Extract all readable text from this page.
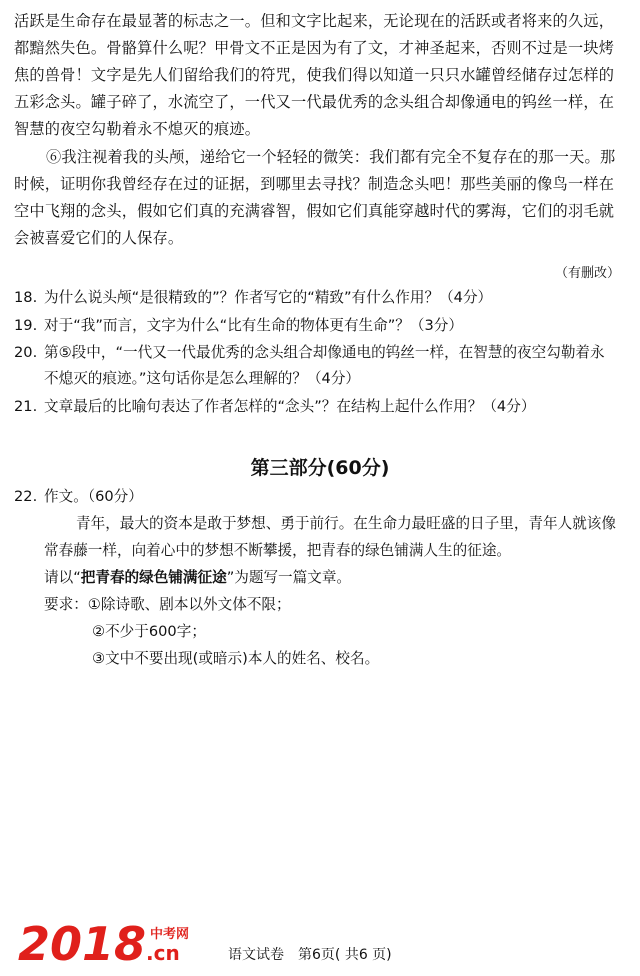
活跃是生命存在最显著的标志之一。但和文字比起来，无论现在的活跃或者将来的久远，都黯然失色。骨骼算什么呢？甲骨文不正是因为有了文，才神圣起来，否则不过是一块烤焦的兽骨！文字是先人们留给我们的符咒，使我们得以知道一只只水罐曾经储存过怎样的五彩念头。罐子碎了，水流空了，一代又一代最优秀的念头组合却像通电的钨丝一样，在智慧的夜空勾勒着永不熄灭的痕迹。
⑥我注视着我的头颅，递给它一个轻轻的微笑：我们都有完全不复存在的那一天。那时候，证明你我曾经存在过的证据，到哪里去寻找？制造念头吧！那些美丽的像鸟一样在空中飞翔的念头，假如它们真的充满睿智，假如它们真能穿越时代的雾海，它们的羽毛就会被喜爱它们的人保存。
（有删改）
18. 为什么说头颅“是很精致的”？作者写它的“精致”有什么作用？（4分）
19. 对于“我”而言，文字为什么“比有生命的物体更有生命”？（3分）
20. 第⑤段中，“一代又一代最优秀的念头组合却像通电的钨丝一样，在智慧的夜空勾勒着永
不熄灭的痕迹。”这句话你是怎么理解的？（4分）
21. 文章最后的比喻句表达了作者怎样的“念头”？在结构上起什么作用？（4分）
第三部分(60分)
22. 作文。（60分）
青年，最大的资本是敢于梦想、勇于前行。在生命力最旺盛的日子里，青年人就该像常春藤一样，向着心中的梦想不断攀援，把青春的绿色铺满人生的征途。
请以“把青春的绿色铺满征途”为题写一篇文章。
要求：①除诗歌、剧本以外文体不限；
②不少于600字；
③文中不要出现(或暗示)本人的姓名、校名。
2018 中考网
.cn	语文试卷　第6页( 共6 页)
